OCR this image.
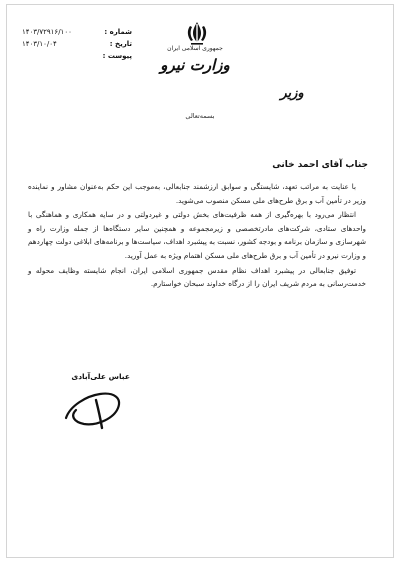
شماره :
۱۴۰۳/۷۲۹۱۶/۱۰۰
تاریخ :
۱۴۰۳/۱۰/۰۴
پیوست :
جمهوری اسلامی ایران
وزارت نیرو
وزیر
بسمه‌تعالی
جناب آقای احمد خانی

با عنایت به مراتب تعهد، شایستگی و سوابق ارزشمند جنابعالی، به‌موجب این حکم به‌عنوان مشاور و نماینده وزیر در تأمین آب و برق طرح‌های ملی مسکن منصوب می‌شوید.

انتظار می‌رود با بهره‌گیری از همه ظرفیت‌های بخش دولتی و غیردولتی و در سایه همکاری و هماهنگی با واحدهای ستادی، شرکت‌های مادرتخصصی و زیرمجموعه و همچنین سایر دستگاه‌ها از جمله وزارت راه و شهرسازی و سازمان برنامه و بودجه کشور، نسبت به پیشبرد اهداف، سیاست‌ها و برنامه‌های ابلاغی دولت چهاردهم و وزارت نیرو در تأمین آب و برق طرح‌های ملی مسکن اهتمام ویژه به عمل آورید.

توفیق جنابعالی در پیشبرد اهداف نظام مقدس جمهوری اسلامی ایران، انجام شایسته وظایف محوله و خدمت‌رسانی به مردم شریف ایران را از درگاه خداوند سبحان خواستارم.

عباس علی‌آبادی
